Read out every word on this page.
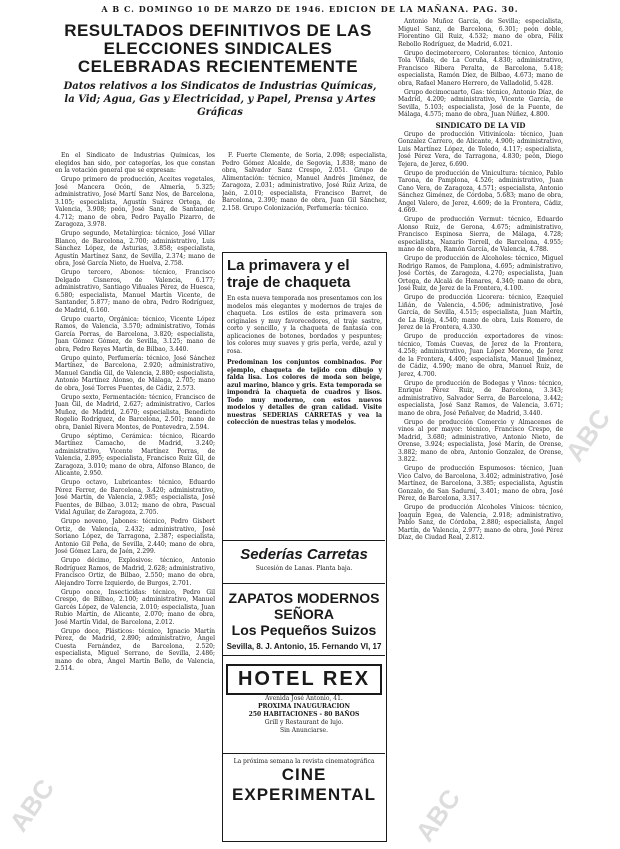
A B C. DOMINGO 10 DE MARZO DE 1946. EDICION DE LA MAÑANA. PAG. 30.
RESULTADOS DEFINITIVOS DE LAS ELECCIONES SINDICALES CELEBRADAS RECIENTEMENTE
Datos relativos a los Sindicatos de Industrias Químicas, la Vid; Agua, Gas y Electricidad, y Papel, Prensa y Artes Gráficas

En el Sindicato de Industrias Químicas, los elegidos han sido, por categorías, los que constan en la votación general que se expresan:

Grupo primero de producción, Aceites vegetales, José Mancera Ocón, de Almería, 5.325; administrativo, José Martí Sanz Nos, de Barcelona, 3.105; especialista, Agustín Suárez Ortega, de Valencia, 3.908; peón, José Sanz, de Santander, 4.712; mano de obra, Pedro Payallo Pizarro, de Zaragoza, 3.978.

Grupo segundo, Metalúrgica: técnico, José Villar Blanco, de Barcelona, 2.700; administrativo, Luis Sánchez López, de Asturias, 3.858; especialista, Agustín Martínez Sanz, de Sevilla, 2.374; mano de obra, José García Nieto, de Huelva, 2.758.

Grupo tercero, Abonos: técnico, Francisco Delgado Cisneros, de Valencia, 6.177; administrativo, Santiago Viñuales Pérez, de Huesca, 6.580; especialista, Manuel Martín Vicente, de Santander, 5.877; mano de obra, Pedro Rodríguez, de Madrid, 6.160.

Grupo cuarto, Orgánica: técnico, Vicente López Ramos, de Valencia, 3.570; administrativo, Tomás García Porras, de Barcelona, 3.820; especialista, Juan Gómez Gómez, de Sevilla, 3.125; mano de obra, Pedro Reyes Martín, de Bilbao, 3.440.

Grupo quinto, Perfumería: técnico, José Sánchez Martínez, de Barcelona, 2.920; administrativo, Manuel Gandía Gil, de Valencia, 2.880; especialista, Antonio Martínez Alonso, de Málaga, 2.705; mano de obra, José Torres Fuentes, de Cádiz, 2.573.

Grupo sexto, Fermentación: técnico, Francisco de Juan Gil, de Madrid, 2.627; administrativo, Carlos Muñoz, de Madrid, 2.670; especialista, Benedicto Rogelio Rodríguez, de Barcelona, 2.501; mano de obra, Daniel Rivera Montes, de Pontevedra, 2.594.

Grupo séptimo, Cerámica: técnico, Ricardo Martínez Camacho, de Madrid, 3.240; administrativo, Vicente Martínez Porras, de Valencia, 2.895; especialista, Francisco Ruiz Gil, de Zaragoza, 3.010; mano de obra, Alfonso Blanco, de Alicante, 2.950.

Grupo octavo, Lubricantes: técnico, Eduardo Pérez Ferrer, de Barcelona, 3.420; administrativo, José Martín, de Valencia, 2.985; especialista, José Fuentes, de Bilbao, 3.012; mano de obra, Pascual Vidal Aguilar, de Zaragoza, 2.705.

Grupo noveno, Jabones: técnico, Pedro Gisbert Ortiz, de Valencia, 2.432; administrativo, José Soriano López, de Tarragona, 2.387; especialista, Antonio Gil Peña, de Sevilla, 2.440; mano de obra, José Gómez Lara, de Jaén, 2.299.

Grupo décimo, Explosivos: técnico, Antonio Rodríguez Ramos, de Madrid, 2.628; administrativo, Francisco Ortiz, de Bilbao, 2.550; mano de obra, Alejandro Torre Izquierdo, de Burgos, 2.701.

Grupo once, Insecticidas: técnico, Pedro Gil Crespo, de Bilbao, 2.100; administrativo, Manuel Garcés López, de Valencia, 2.010; especialista, Juan Rubio Martín, de Alicante, 2.070; mano de obra, José Martín Vidal, de Barcelona, 2.012.

Grupo doce, Plásticos: técnico, Ignacio Martín Pérez, de Madrid, 2.890; administrativo, Ángel Cuesta Fernández, de Barcelona, 2.520; especialista, Miguel Serrano, de Sevilla, 2.486; mano de obra, Ángel Martín Bello, de Valencia, 2.514.

F. Fuerte Clemente, de Soria, 2.098; especialista, Pedro Gómez Alcalde, de Segovia, 1.838; mano de obra, Salvador Sanz Crespo, 2.051. Grupo de Alimentación: técnico, Manuel Andrés Jiménez, de Zaragoza, 2.031; administrativo, José Ruiz Ariza, de Jaén, 2.010; especialista, Francisco Barret, de Barcelona, 2.390; mano de obra, Juan Gil Sánchez, 2.158. Grupo Colonización, Perfumería: técnico.

La primavera y el traje de chaqueta
En esta nueva temporada nos presentamos con los modelos más elegantes y modernos de trajes de chaqueta. Los estilos de esta primavera son originales y muy favorecedores, el traje sastre, corto y sencillo, y la chaqueta de fantasía con aplicaciones de botones, bordados y pespuntes; los colores muy suaves y gris perla, verde, azul y rosa.
Predominan los conjuntos combinados. Por ejemplo, chaqueta de tejido con dibujo y falda lisa. Los colores de moda son beige, azul marino, blanco y gris. Esta temporada se impondrá la chaqueta de cuadros y lisos. Todo muy moderno, con estos nuevos modelos y detalles de gran calidad. Visite nuestras SEDERIAS CARRETAS y vea la colección de nuestras telas y modelos.
Sederías Carretas
Sucesión de Lanas. Planta baja.
ZAPATOS MODERNOS
SEÑORA
Los Pequeños Suizos
Sevilla, 8. J. Antonio, 15. Fernando VI, 17
HOTEL REX
Avenida José Antonio, 41.
PROXIMA INAUGURACION
250 HABITACIONES - 80 BAÑOS
Grill y Restaurant de lujo.
Sin Anunciarse.
La próxima semana la revista cinematográfica
CINE EXPERIMENTAL

Antonio Muñoz García, de Sevilla; especialista, Miguel Sanz, de Barcelona, 6.301; peón doble, Florentino Gil Ruiz, 4.532; mano de obra, Félix Rebollo Rodríguez, de Madrid, 6.021.

Grupo decimotercero, Colorantes: técnico, Antonio Tola Viñals, de La Coruña, 4.830; administrativo, Francisco Ribera Peralta, de Barcelona, 5.418; especialista, Ramón Díez, de Bilbao, 4.673; mano de obra, Rafael Manero Herrero, de Valladolid, 5.428.

Grupo decimocuarto, Gas: técnico, Antonio Díaz, de Madrid, 4.200; administrativo, Vicente García, de Sevilla, 5.103; especialista, José de la Fuente, de Málaga, 4.575; mano de obra, Juan Núñez, 4.800.

SINDICATO DE LA VID

Grupo de producción Vitivinícola: técnico, Juan Gonzalez Carrero, de Alicante, 4.900; administrativo, Luis Martínez López, de Toledo, 4.117; especialista, José Pérez Vera, de Tarragona, 4.830; peón, Diego Tejera, de Jerez, 6.690.

Grupo de producción de Vinicultura: técnico, Pablo Tarona, de Pamplona, 4.526; administrativo, Juan Cano Vera, de Zaragoza, 4.571; especialista, Antonio Sánchez Giménez, de Córdoba, 5.683; mano de obra, Ángel Valero, de Jerez, 4.609; de la Frontera, Cádiz, 4.669.

Grupo de producción Vermut: técnico, Eduardo Alonso Ruiz, de Gerona, 4.675; administrativo, Francisco Espinosa Sierra, de Málaga, 4.728; especialista, Nazario Torrell, de Barcelona, 4.955; mano de obra, Ramón García, de Valencia, 4.788.

Grupo de producción de Alcoholes: técnico, Miguel Rodrigo Ramos, de Pamplona, 4.695; administrativo, José Cortés, de Zaragoza, 4.270; especialista, Juan Ortega, de Alcalá de Henares, 4.340; mano de obra, José Ruiz, de Jerez de la Frontera, 4.100.

Grupo de producción Licorera: técnico, Ezequiel Liñán, de Valencia, 4.506; administrativo, José García, de Sevilla, 4.515; especialista, Juan Martín, de La Rioja, 4.540; mano de obra, Luis Romero, de Jerez de la Frontera, 4.330.

Grupo de producción exportadores de vinos: técnico, Tomás Cuevas, de Jerez de la Frontera, 4.258; administrativo, Juan López Moreno, de Jerez de la Frontera, 4.400; especialista, Manuel Jiménez, de Cádiz, 4.590; mano de obra, Manuel Ruiz, de Jerez, 4.700.

Grupo de producción de Bodegas y Vinos: técnico, Enrique Pérez Ruiz, de Barcelona, 3.343; administrativo, Salvador Serra, de Barcelona, 3.442; especialista, José Sanz Ramos, de Valencia, 3.671; mano de obra, José Peñalver, de Madrid, 3.440.

Grupo de producción Comercio y Almacenes de vinos al por mayor: técnico, Francisco Crespo, de Madrid, 3.680; administrativo, Antonio Nieto, de Orense, 3.924; especialista, José Marín, de Orense, 3.882; mano de obra, Antonio Gonzalez, de Orense, 3.822.

Grupo de producción Espumosos: técnico, Juan Vico Calvo, de Barcelona, 3.402; administrativo, José Martínez, de Barcelona, 3.385; especialista, Agustín Gonzalo, de San Sadurní, 3.401; mano de obra, José Pérez, de Barcelona, 3.317.

Grupo de producción Alcoholes Vínicos: técnico, Joaquín Egea, de Valencia, 2.918; administrativo, Pablo Sanz, de Córdoba, 2.880; especialista, Ángel Martín, de Valencia, 2.977; mano de obra, José Pérez Díaz, de Ciudad Real, 2.812.

ABC	ABC
ABC
